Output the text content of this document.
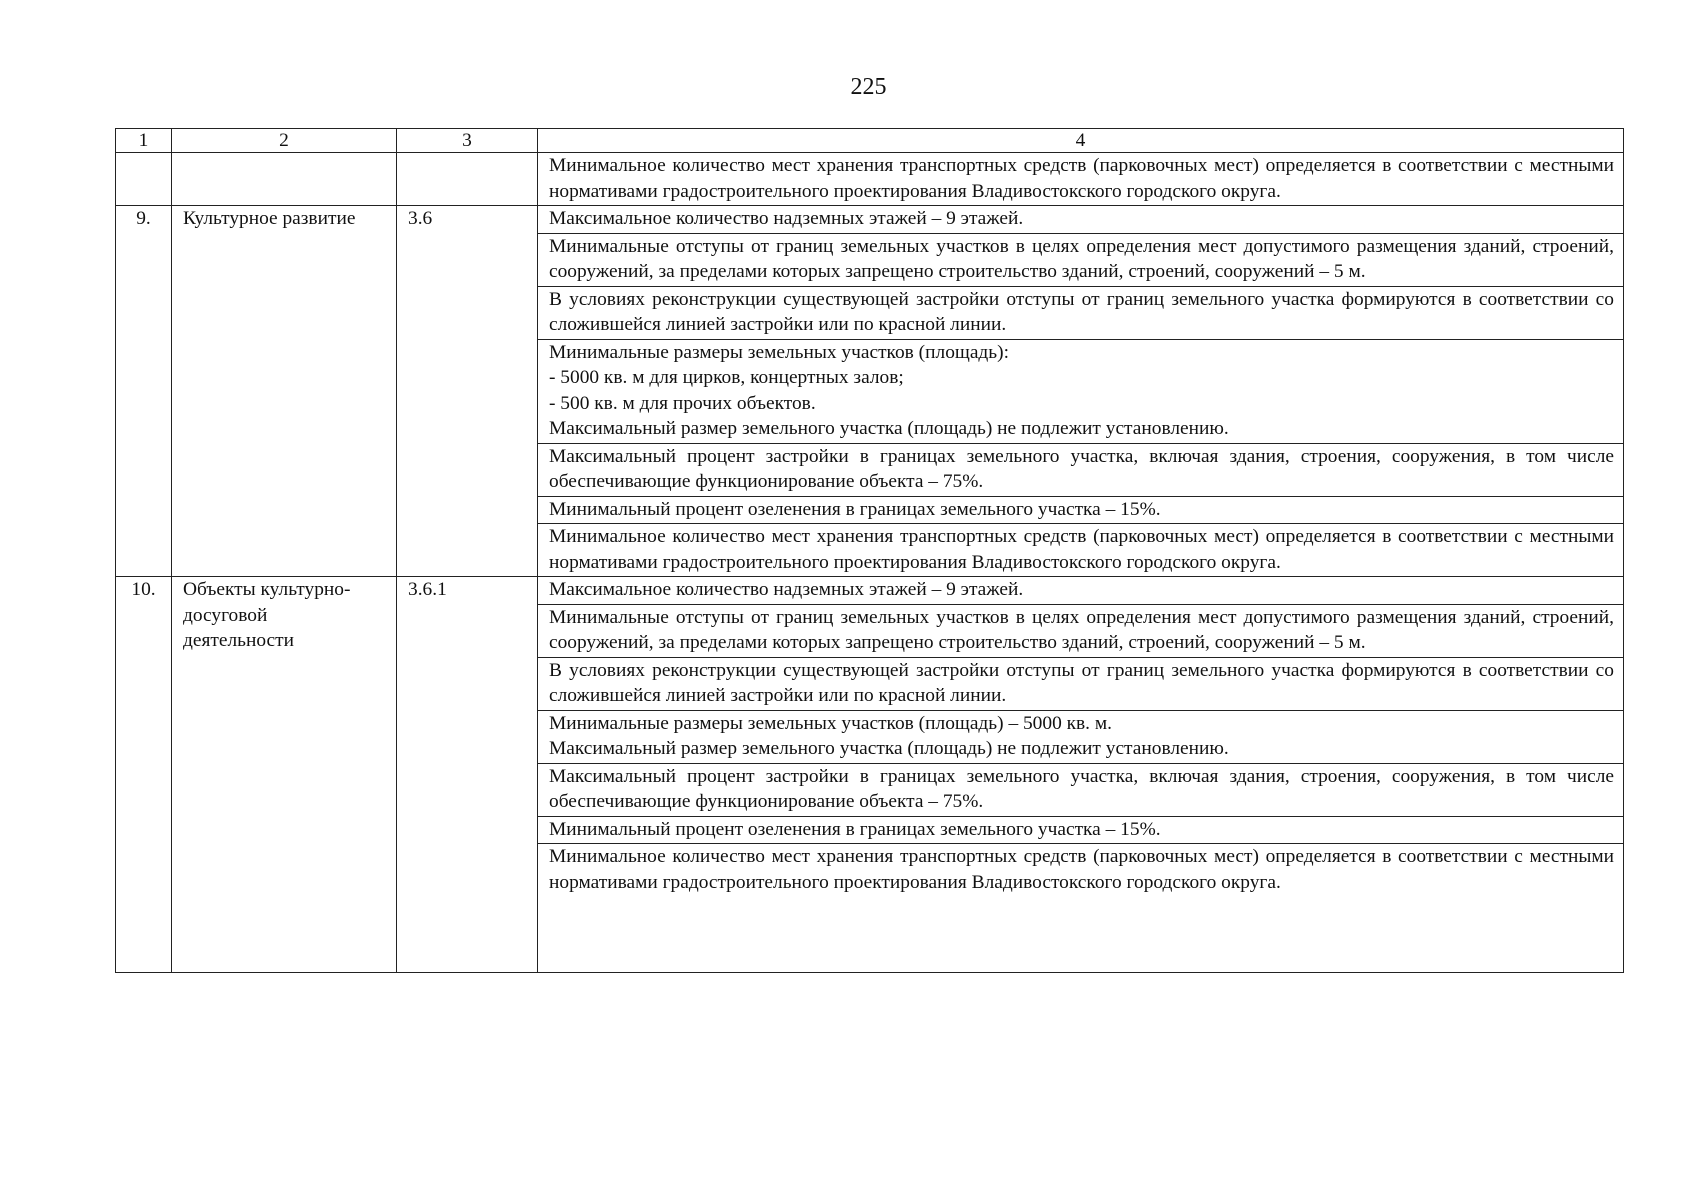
225
1	2	3	4
			Минимальное количество мест хранения транспортных средств (парковочных мест) определяется в соответствии с местными нормативами градостроительного проектирования Владивостокского городского округа.
9.	Культурное развитие	3.6	Максимальное количество надземных этажей – 9 этажей.
			Минимальные отступы от границ земельных участков в целях определения мест допустимого размещения зданий, строений, сооружений, за пределами которых запрещено строительство зданий, строений, сооружений – 5 м.
			В условиях реконструкции существующей застройки отступы от границ земельного участка формируются в соответствии со сложившейся линией застройки или по красной линии.

			Минимальные размеры земельных участков (площадь):
- 5000 кв. м для цирков, концертных залов;
- 500 кв. м для прочих объектов.
Максимальный размер земельного участка (площадь) не подлежит установлению.

			Максимальный процент застройки в границах земельного участка, включая здания, строения, сооружения, в том числе обеспечивающие функционирование объекта – 75%.
			Минимальный процент озеленения в границах земельного участка – 15%.
			Минимальное количество мест хранения транспортных средств (парковочных мест) определяется в соответствии с местными нормативами градостроительного проектирования Владивостокского городского округа.
10.	Объекты культурно-досуговой деятельности	3.6.1	Максимальное количество надземных этажей – 9 этажей.
			Минимальные отступы от границ земельных участков в целях определения мест допустимого размещения зданий, строений, сооружений, за пределами которых запрещено строительство зданий, строений, сооружений – 5 м.
			В условиях реконструкции существующей застройки отступы от границ земельного участка формируются в соответствии со сложившейся линией застройки или по красной линии.

			Минимальные размеры земельных участков (площадь) – 5000 кв. м.
Максимальный размер земельного участка (площадь) не подлежит установлению.

			Максимальный процент застройки в границах земельного участка, включая здания, строения, сооружения, в том числе обеспечивающие функционирование объекта – 75%.
			Минимальный процент озеленения в границах земельного участка – 15%.
			Минимальное количество мест хранения транспортных средств (парковочных мест) определяется в соответствии с местными нормативами градостроительного проектирования Владивостокского городского округа.
